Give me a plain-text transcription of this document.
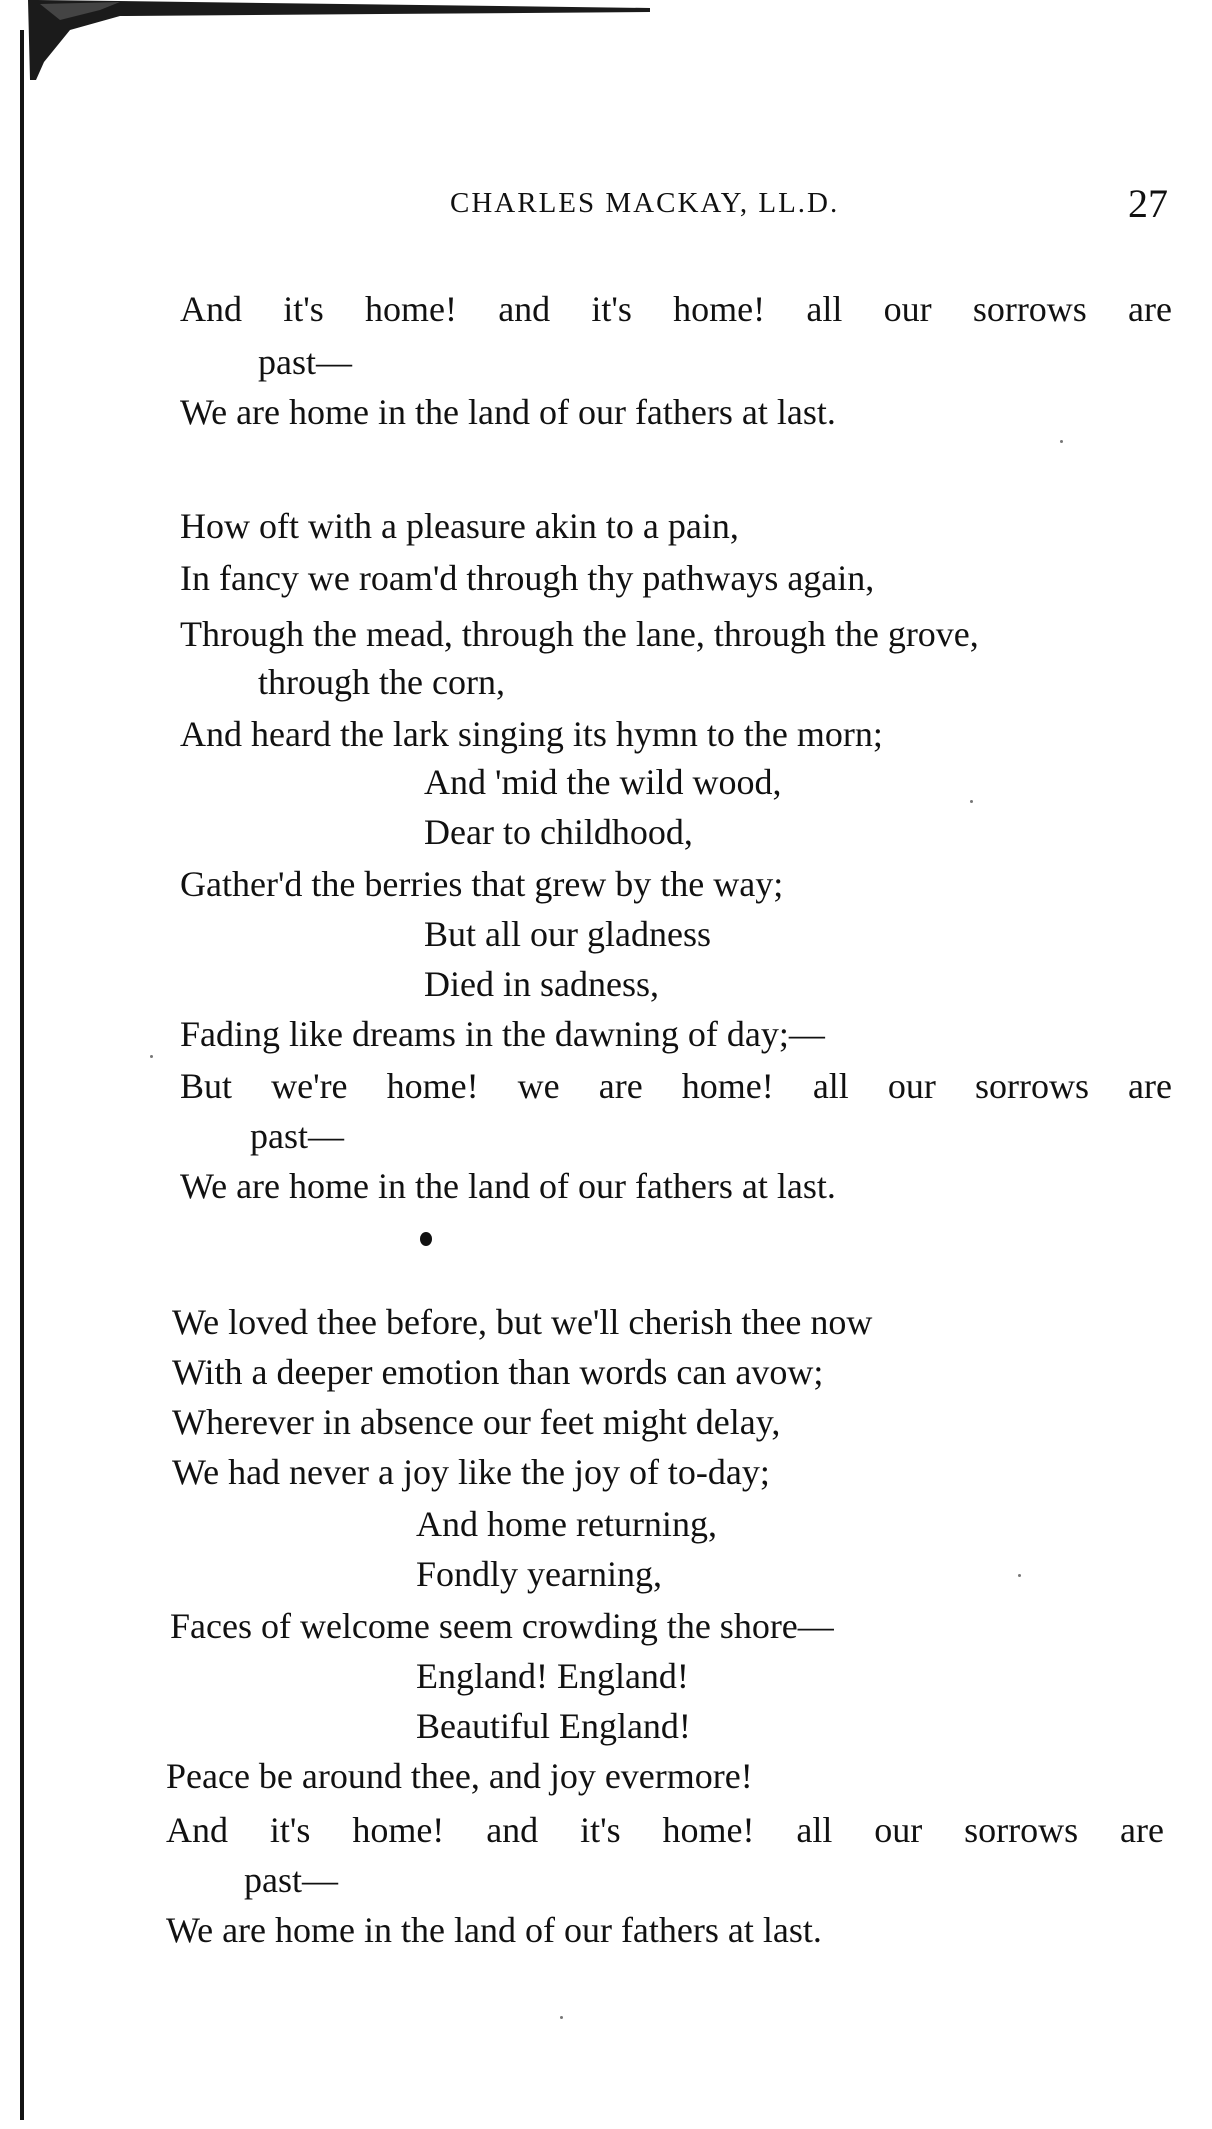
CHARLES MACKAY, LL.D.	27
And it's home! and it's home! all our sorrows are
past—
We are home in the land of our fathers at last.
How oft with a pleasure akin to a pain,
In fancy we roam'd through thy pathways again,
Through the mead, through the lane, through the grove,
through the corn,
And heard the lark singing its hymn to the morn;
And 'mid the wild wood,
Dear to childhood,
Gather'd the berries that grew by the way;
But all our gladness
Died in sadness,
Fading like dreams in the dawning of day;—
But we're home! we are home! all our sorrows are
past—
We are home in the land of our fathers at last.
We loved thee before, but we'll cherish thee now
With a deeper emotion than words can avow;
Wherever in absence our feet might delay,
We had never a joy like the joy of to-day;
And home returning,
Fondly yearning,
Faces of welcome seem crowding the shore—
England! England!
Beautiful England!
Peace be around thee, and joy evermore!
And it's home! and it's home! all our sorrows are
past—
We are home in the land of our fathers at last.
